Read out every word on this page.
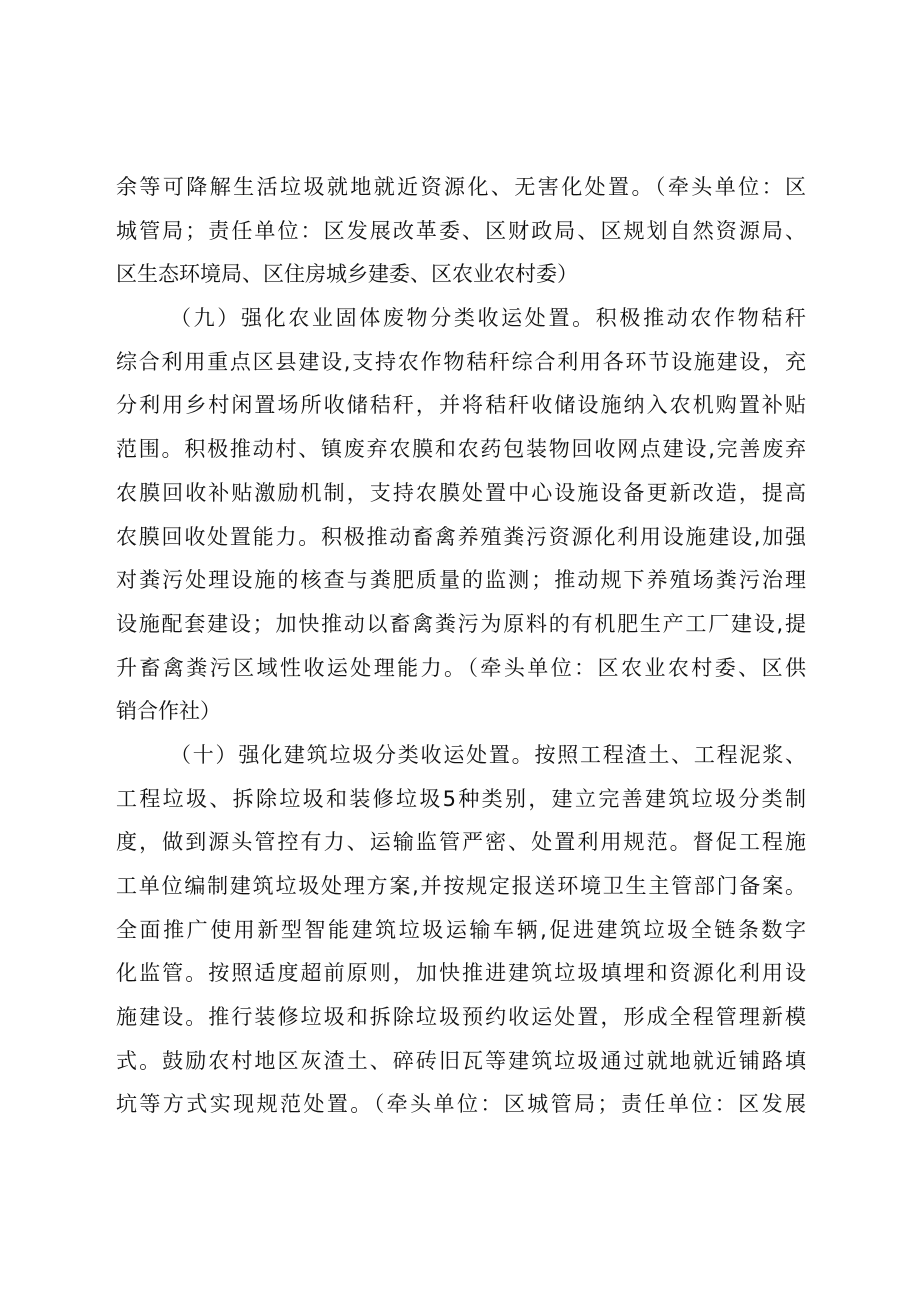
余等可降解生活垃圾就地就近资源化、无害化处置。（牵头单位：区
城管局；责任单位：区发展改革委、区财政局、区规划自然资源局、
区生态环境局、区住房城乡建委、区农业农村委）
（九）强化农业固体废物分类收运处置。积极推动农作物秸秆
综合利用重点区县建设,支持农作物秸秆综合利用各环节设施建设，充
分利用乡村闲置场所收储秸秆，并将秸秆收储设施纳入农机购置补贴
范围。积极推动村、镇废弃农膜和农药包装物回收网点建设,完善废弃
农膜回收补贴激励机制，支持农膜处置中心设施设备更新改造，提高
农膜回收处置能力。积极推动畜禽养殖粪污资源化利用设施建设,加强
对粪污处理设施的核查与粪肥质量的监测；推动规下养殖场粪污治理
设施配套建设；加快推动以畜禽粪污为原料的有机肥生产工厂建设,提
升畜禽粪污区域性收运处理能力。（牵头单位：区农业农村委、区供
销合作社）
（十）强化建筑垃圾分类收运处置。按照工程渣土、工程泥浆、
工程垃圾、拆除垃圾和装修垃圾5种类别，建立完善建筑垃圾分类制
度，做到源头管控有力、运输监管严密、处置利用规范。督促工程施
工单位编制建筑垃圾处理方案,并按规定报送环境卫生主管部门备案。
全面推广使用新型智能建筑垃圾运输车辆,促进建筑垃圾全链条数字
化监管。按照适度超前原则，加快推进建筑垃圾填埋和资源化利用设
施建设。推行装修垃圾和拆除垃圾预约收运处置，形成全程管理新模
式。鼓励农村地区灰渣土、碎砖旧瓦等建筑垃圾通过就地就近铺路填
坑等方式实现规范处置。（牵头单位：区城管局；责任单位：区发展
